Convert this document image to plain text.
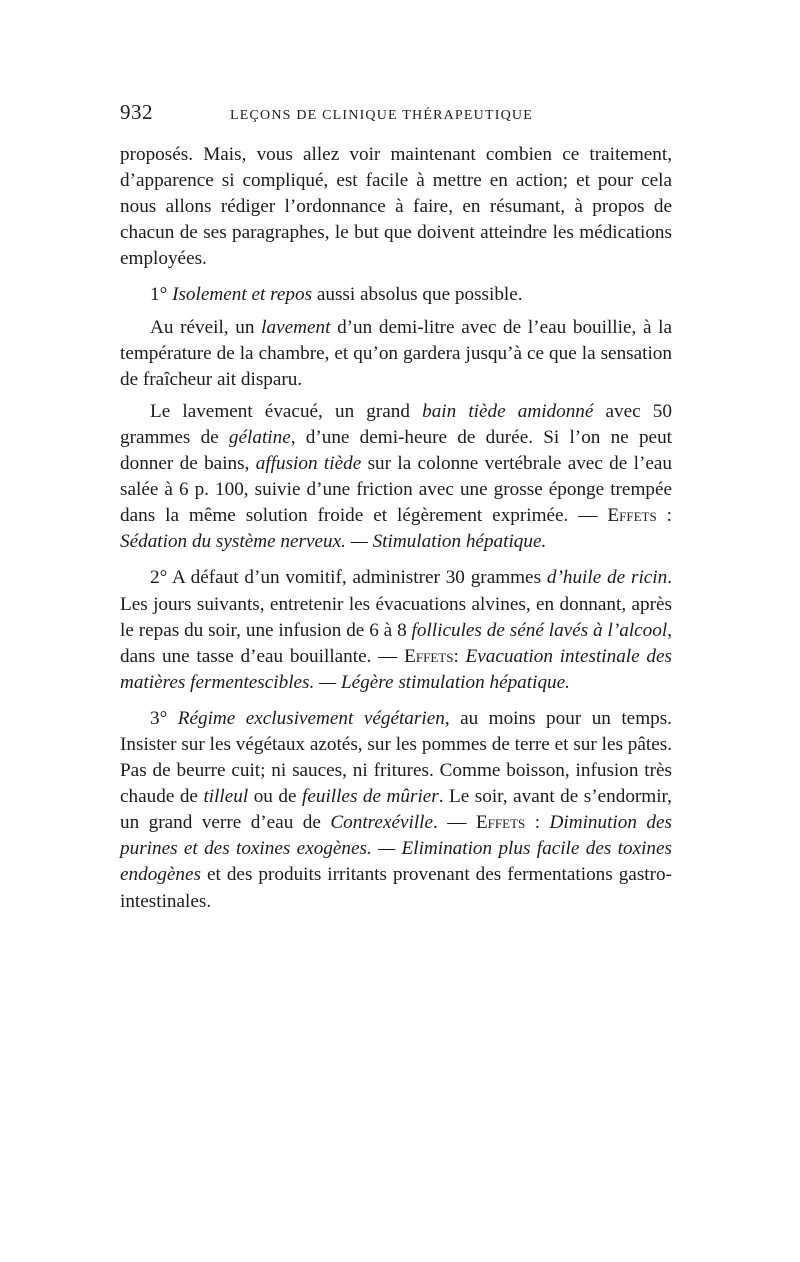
932	LEÇONS DE CLINIQUE THÉRAPEUTIQUE

proposés. Mais, vous allez voir maintenant combien ce traitement, d’apparence si compliqué, est facile à mettre en action; et pour cela nous allons rédiger l’ordonnance à faire, en résumant, à propos de chacun de ses paragraphes, le but que doivent atteindre les médications employées.

1° Isolement et repos aussi absolus que possible.

Au réveil, un lavement d’un demi-litre avec de l’eau bouillie, à la température de la chambre, et qu’on gardera jusqu’à ce que la sensation de fraîcheur ait disparu.

Le lavement évacué, un grand bain tiède amidonné avec 50 grammes de gélatine, d’une demi-heure de durée. Si l’on ne peut donner de bains, affusion tiède sur la colonne vertébrale avec de l’eau salée à 6 p. 100, suivie d’une friction avec une grosse éponge trempée dans la même solution froide et légèrement exprimée. — Effets : Sédation du système nerveux. — Stimulation hépatique.

2° A défaut d’un vomitif, administrer 30 grammes d’huile de ricin. Les jours suivants, entretenir les évacuations alvines, en donnant, après le repas du soir, une infusion de 6 à 8 follicules de séné lavés à l’alcool, dans une tasse d’eau bouillante. — Effets: Evacuation intestinale des matières fermentescibles. — Légère stimulation hépatique.

3° Régime exclusivement végétarien, au moins pour un temps. Insister sur les végétaux azotés, sur les pommes de terre et sur les pâtes. Pas de beurre cuit; ni sauces, ni fritures. Comme boisson, infusion très chaude de tilleul ou de feuilles de mûrier. Le soir, avant de s’endormir, un grand verre d’eau de Contrexéville. — Effets : Diminution des purines et des toxines exogènes. — Elimination plus facile des toxines endogènes et des produits irritants provenant des fermentations gastro-intestinales.
